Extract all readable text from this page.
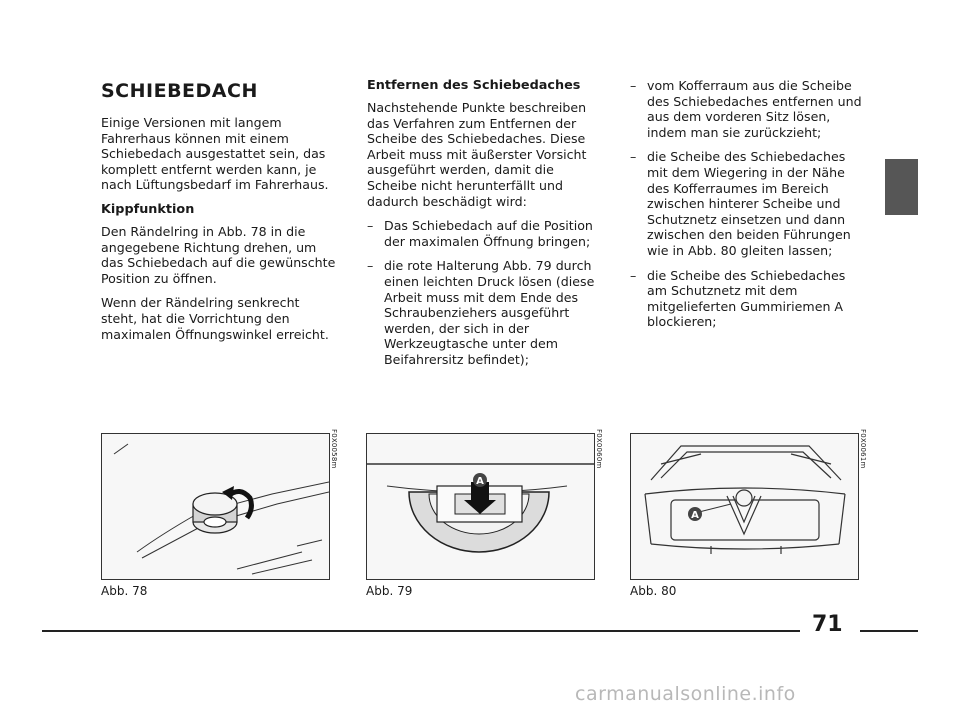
SCHIEBEDACH

Einige Versionen mit langem Fahrerhaus können mit einem Schiebedach ausgestattet sein, das komplett entfernt werden kann, je nach Lüftungsbedarf im Fahrerhaus.

Kippfunktion

Den Rändelring in Abb. 78 in die angegebene Richtung drehen, um das Schiebedach auf die gewünschte Position zu öffnen.

Wenn der Rändelring senkrecht steht, hat die Vorrichtung den maximalen Öffnungswinkel erreicht.

Entfernen des Schiebedaches

Nachstehende Punkte beschreiben das Verfahren zum Entfernen der Scheibe des Schiebedaches. Diese Arbeit muss mit äußerster Vorsicht ausgeführt werden, damit die Scheibe nicht herunterfällt und dadurch beschädigt wird:

– Das Schiebedach auf die Position der maximalen Öffnung bringen;

– die rote Halterung Abb. 79 durch einen leichten Druck lösen (diese Arbeit muss mit dem Ende des Schraubenziehers ausgeführt werden, der sich in der Werkzeugtasche unter dem Beifahrersitz befindet);

– vom Kofferraum aus die Scheibe des Schiebedaches entfernen und aus dem vorderen Sitz lösen, indem man sie zurückzieht;

– die Scheibe des Schiebedaches mit dem Wiegering in der Nähe des Kofferraumes im Bereich zwischen hinterer Scheibe und Schutznetz einsetzen und dann zwischen den beiden Führungen wie in Abb. 80 gleiten lassen;

– die Scheibe des Schiebedaches am Schutznetz mit dem mitgelieferten Gummiriemen A blockieren;

F0X0058m
Abb. 78
A
F0X0060m
Abb. 79
A
F0X0061m
Abb. 80
71
carmanualsonline.info
